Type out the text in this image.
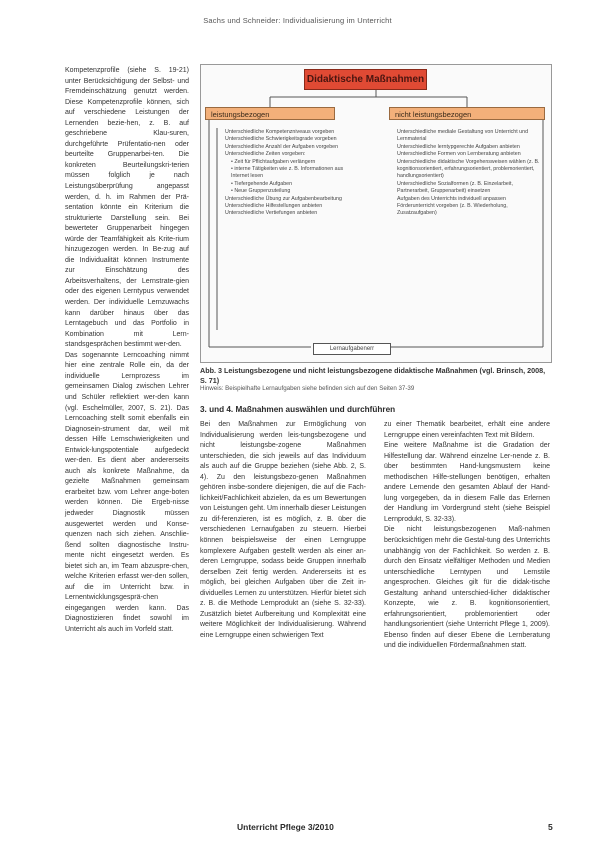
Sachs und Schneider: Individualisierung im Unterricht

Kompetenzprofile (siehe S. 19-21) unter Berücksichtigung der Selbst- und Fremdeinschätzung genutzt werden. Diese Kompetenzprofile können, sich auf verschiedene Leistungen der Lernenden bezie-hen, z. B. auf geschriebene Klau-suren, durchgeführte Prüfentatio-nen oder beurteilte Gruppenarbei-ten. Die konkreten Beurteilungskri-terien müssen folglich je nach Leistungsüberprüfung angepasst werden, d. h. im Rahmen der Prä-sentation könnte ein Kriterium die strukturierte Darstellung sein. Bei bewerteter Gruppenarbeit hingegen würde der Teamfähigkeit als Krite-rium hinzugezogen werden. In Be-zug auf die Individualität können Instrumente zur Einschätzung des Arbeitsverhaltens, der Lernstrate-gien oder des eigenen Lerntypus verwendet werden. Der individuelle Lernzuwachs kann darüber hinaus über das Lerntagebuch und das Portfolio in Kombination mit Lern-standsgesprächen bestimmt wer-den.

Das sogenannte Lerncoaching nimmt hier eine zentrale Rolle ein, da der individuelle Lernprozess im gemeinsamen Dialog zwischen Lehrer und Schüler reflektiert wer-den kann (vgl. Eschelmüller, 2007, S. 21). Das Lerncoaching stellt somit ebenfalls ein Diagnosein-strument dar, weil mit dessen Hilfe Lernschwierigkeiten und Entwick-lungspotentiale aufgedeckt wer-den. Es dient aber andererseits auch als konkrete Maßnahme, da gezielte Maßnahmen gemeinsam erarbeitet bzw. vom Lehrer ange-boten werden können. Die Ergeb-nisse jedweder Diagnostik müssen ausgewertet werden und Konse-quenzen nach sich ziehen. Anschlie-ßend sollten diagnostische Instru-mente nicht eingesetzt werden. Es bietet sich an, im Team abzuspre-chen, welche Kriterien erfasst wer-den sollen, auf die im Unterricht bzw. in Lernentwicklungsgesprä-chen eingegangen werden kann. Das Diagnostizieren findet sowohl im Unterricht als auch im Vorfeld statt.

Didaktische Maßnahmen
leistungsbezogen	nicht leistungsbezogen

Unterschiedliche Kompetenzniveaus vorgeben

Unterschiedliche Schwierigkeitsgrade vorgeben

Unterschiedliche Anzahl der Aufgaben vorgeben

Unterschiedliche Zeiten vorgeben:

• Zeit für Pflichtaufgaben verlängern

• interne Tätigkeiten wie z. B. Informationen aus Internet lesen

• Tiefergehende Aufgaben

• Neue Gruppenzuteilung

Unterschiedliche Übung zur Aufgabenbearbeitung

Unterschiedliche Hilfestellungen anbieten

Unterschiedliche Vertiefungen anbieten

Unterschiedliche mediale Gestaltung von Unterricht und Lernmaterial

Unterschiedliche lerntypgerechte Aufgaben anbieten

Unterschiedliche Formen von Lernberatung anbieten

Unterschiedliche didaktische Vorgehensweisen wählen (z. B. kognitionsorientiert, erfahrungsorientiert, problemorientiert, handlungsorientiert)

Unterschiedliche Sozialformen (z. B. Einzelarbeit, Partnerarbeit, Gruppenarbeit) einsetzen

Aufgaben des Unterrichts individuell anpassen

Förderunterricht vorgeben (z. B. Wiederholung, Zusatzaufgaben)

Lernaufgabenerr
Abb. 3 Leistungsbezogene und nicht leistungsbezogene didaktische Maßnahmen (vgl. Brinsch, 2008, S. 71)
Hinweis: Beispielhafte Lernaufgaben siehe befinden sich auf den Seiten 37-39
3. und 4. Maßnahmen auswählen und durchführen

Bei den Maßnahmen zur Ermöglichung von Individualisierung werden leis-tungsbezogene und nicht leistungsbe-zogene Maßnahmen unterschieden, die sich jeweils auf das Individuum als auch auf die Gruppe beziehen (siehe Abb. 2, S. 4). Zu den leistungsbezo-genen Maßnahmen gehören insbe-sondere diejenigen, die auf die Fach-lichkeit/Fachlichkeit abzielen, da es um Bewertungen von Leistungen geht. Um innerhalb dieser Leistungen zu dif-ferenzieren, ist es möglich, z. B. über die verschiedenen Lernaufgaben zu steuern. Hierbei können beispielsweise der einen Lerngruppe komplexere Aufgaben gestellt werden als einer an-deren Lerngruppe, sodass beide Gruppen innerhalb derselben Zeit fertig werden. Andererseits ist es möglich, bei gleichen Aufgaben über die Zeit in-dividuelles Lernen zu unterstützen. Hierfür bietet sich z. B. die Methode Lernprodukt an (siehe S. 32-33). Zusätzlich bietet Aufbereitung und Komplexität eine weitere Möglichkeit der Individualisierung. Während eine Lerngruppe einen schwierigen Text

zu einer Thematik bearbeitet, erhält eine andere Lerngruppe einen vereinfachten Text mit Bildern.

Eine weitere Maßnahme ist die Gradation der Hilfestellung dar. Während einzelne Ler-nende z. B. über bestimmten Hand-lungsmustern keine methodischen Hilfe-stellungen benötigen, erhalten andere Lernende den gesamten Ablauf der Hand-lung vorgegeben, da in diesem Falle das Erlernen der Handlung im Vordergrund steht (siehe Beispiel Lernprodukt, S. 32-33).

Die nicht leistungsbezogenen Maß-nahmen berücksichtigen mehr die Gestal-tung des Unterrichts unabhängig von der Fachlichkeit. So werden z. B. durch den Einsatz vielfältiger Methoden und Medien unterschiedliche Lerntypen und Lernstile angesprochen. Gleiches gilt für die didak-tische Gestaltung anhand unterschied-licher didaktischer Konzepte, wie z. B. kognitionsorientiert, erfahrungsorientiert, problemorientiert oder handlungsorientiert (siehe Unterricht Pflege 1, 2009). Ebenso finden auf dieser Ebene die Lernberatung und die individuellen Fördermaßnahmen statt.

Unterricht Pflege 3/2010	5
